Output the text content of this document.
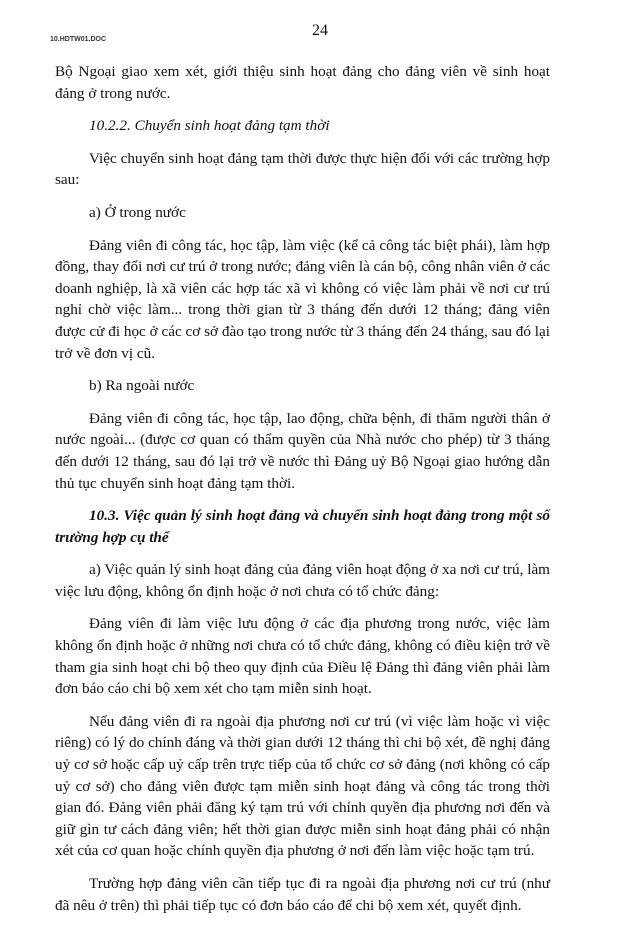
10.HDTW01.DOC
24

Bộ Ngoại giao xem xét, giới thiệu sinh hoạt đảng cho đảng viên về sinh hoạt đảng ở trong nước.

10.2.2. Chuyển sinh hoạt đảng tạm thời

Việc chuyển sinh hoạt đảng tạm thời được thực hiện đối với các trường hợp sau:

a) Ở trong nước

Đảng viên đi công tác, học tập, làm việc (kể cả công tác biệt phái), làm hợp đồng, thay đổi nơi cư trú ở trong nước; đảng viên là cán bộ, công nhân viên ở các doanh nghiệp, là xã viên các hợp tác xã vì không có việc làm phải về nơi cư trú nghỉ chờ việc làm... trong thời gian từ 3 tháng đến dưới 12 tháng; đảng viên được cử đi học ở các cơ sở đào tạo trong nước từ 3 tháng đến 24 tháng, sau đó lại trở về đơn vị cũ.

b) Ra ngoài nước

Đảng viên đi công tác, học tập, lao động, chữa bệnh, đi thăm người thân ở nước ngoài... (được cơ quan có thẩm quyền của Nhà nước cho phép) từ 3 tháng đến dưới 12 tháng, sau đó lại trở về nước thì Đảng uỷ Bộ Ngoại giao hướng dẫn thủ tục chuyển sinh hoạt đảng tạm thời.

10.3. Việc quản lý sinh hoạt đảng và chuyển sinh hoạt đảng trong một số trường hợp cụ thể

a) Việc quản lý sinh hoạt đảng của đảng viên hoạt động ở xa nơi cư trú, làm việc lưu động, không ổn định hoặc ở nơi chưa có tổ chức đảng:

Đảng viên đi làm việc lưu động ở các địa phương trong nước, việc làm không ổn định hoặc ở những nơi chưa có tổ chức đảng, không có điều kiện trở về tham gia sinh hoạt chi bộ theo quy định của Điều lệ Đảng thì đảng viên phải làm đơn báo cáo chi bộ xem xét cho tạm miễn sinh hoạt.

Nếu đảng viên đi ra ngoài địa phương nơi cư trú (vì việc làm hoặc vì việc riêng) có lý do chính đáng và thời gian dưới 12 tháng thì chi bộ xét, đề nghị đảng uỷ cơ sở hoặc cấp uỷ cấp trên trực tiếp của tổ chức cơ sở đảng (nơi không có cấp uỷ cơ sở) cho đảng viên được tạm miễn sinh hoạt đảng và công tác trong thời gian đó. Đảng viên phải đăng ký tạm trú với chính quyền địa phương nơi đến và giữ gìn tư cách đảng viên; hết thời gian được miễn sinh hoạt đảng phải có nhận xét của cơ quan hoặc chính quyền địa phương ở nơi đến làm việc hoặc tạm trú.

Trường hợp đảng viên cần tiếp tục đi ra ngoài địa phương nơi cư trú (như đã nêu ở trên) thì phải tiếp tục có đơn báo cáo để chi bộ xem xét, quyết định.
